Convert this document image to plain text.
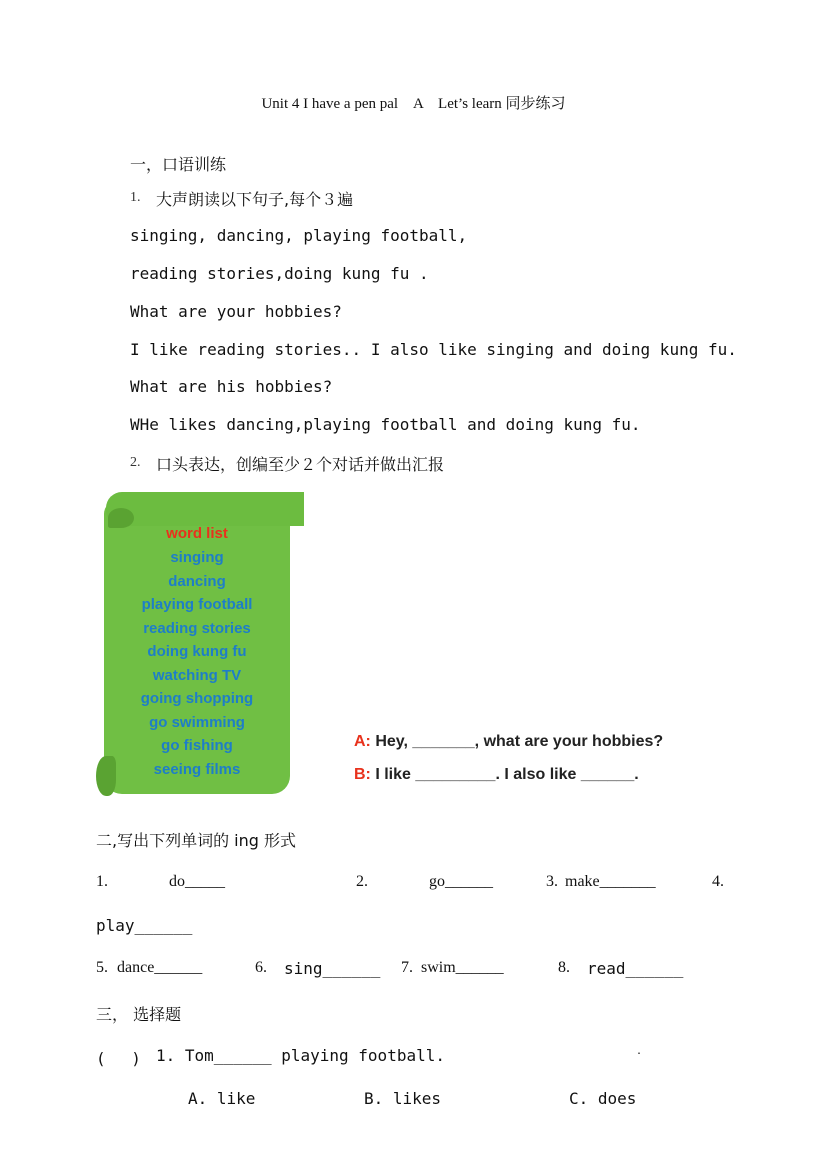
Unit 4 I have a pen pal　A　Let’s learn 同步练习
一，口语训练
1. 大声朗读以下句子,每个３遍
singing, dancing, playing football,
reading stories,doing kung fu .
What are your hobbies?
I like reading stories.. I also like singing and doing kung fu.
What are his hobbies?
WHe likes dancing,playing football and doing kung fu.
2. 口头表达，创编至少２个对话并做出汇报
word list
singing
dancing
playing football
reading stories
doing kung fu
watching TV
going shopping
go swimming
go fishing
seeing films
A: Hey, _______, what are your hobbies?
B: I like _________. I also like ______.
二,写出下列单词的 ing 形式
1.	do_____	2.	go______	3. make_______	4.
play______
5. dance______	6. sing______ 7. swim______	8. read______
三， 选择题
(　 ) 1. Tom______ playing football.	.
A. like	B. likes	C. does
